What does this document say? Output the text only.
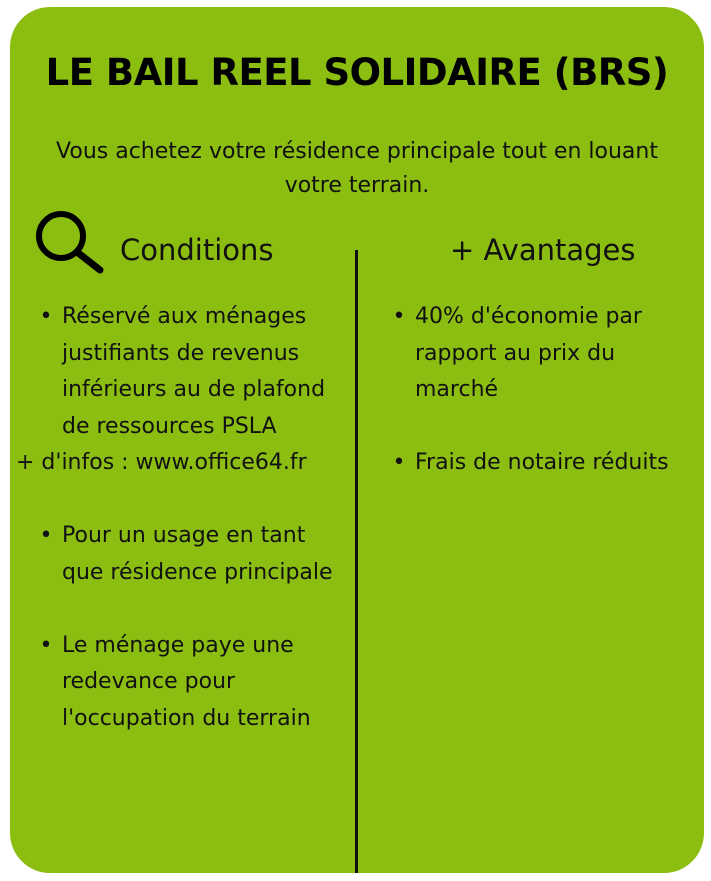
LE BAIL REEL SOLIDAIRE (BRS)
Vous achetez votre résidence principale tout en louant
votre terrain.
Conditions	+ Avantages
• Réservé aux ménages justifiants de revenus inférieurs au de plafond de ressources PSLA
+ d'infos : www.office64.fr
• Pour un usage en tant que résidence principale
• Le ménage paye une redevance pour l'occupation du terrain
• 40% d'économie par rapport au prix du marché
• Frais de notaire réduits
